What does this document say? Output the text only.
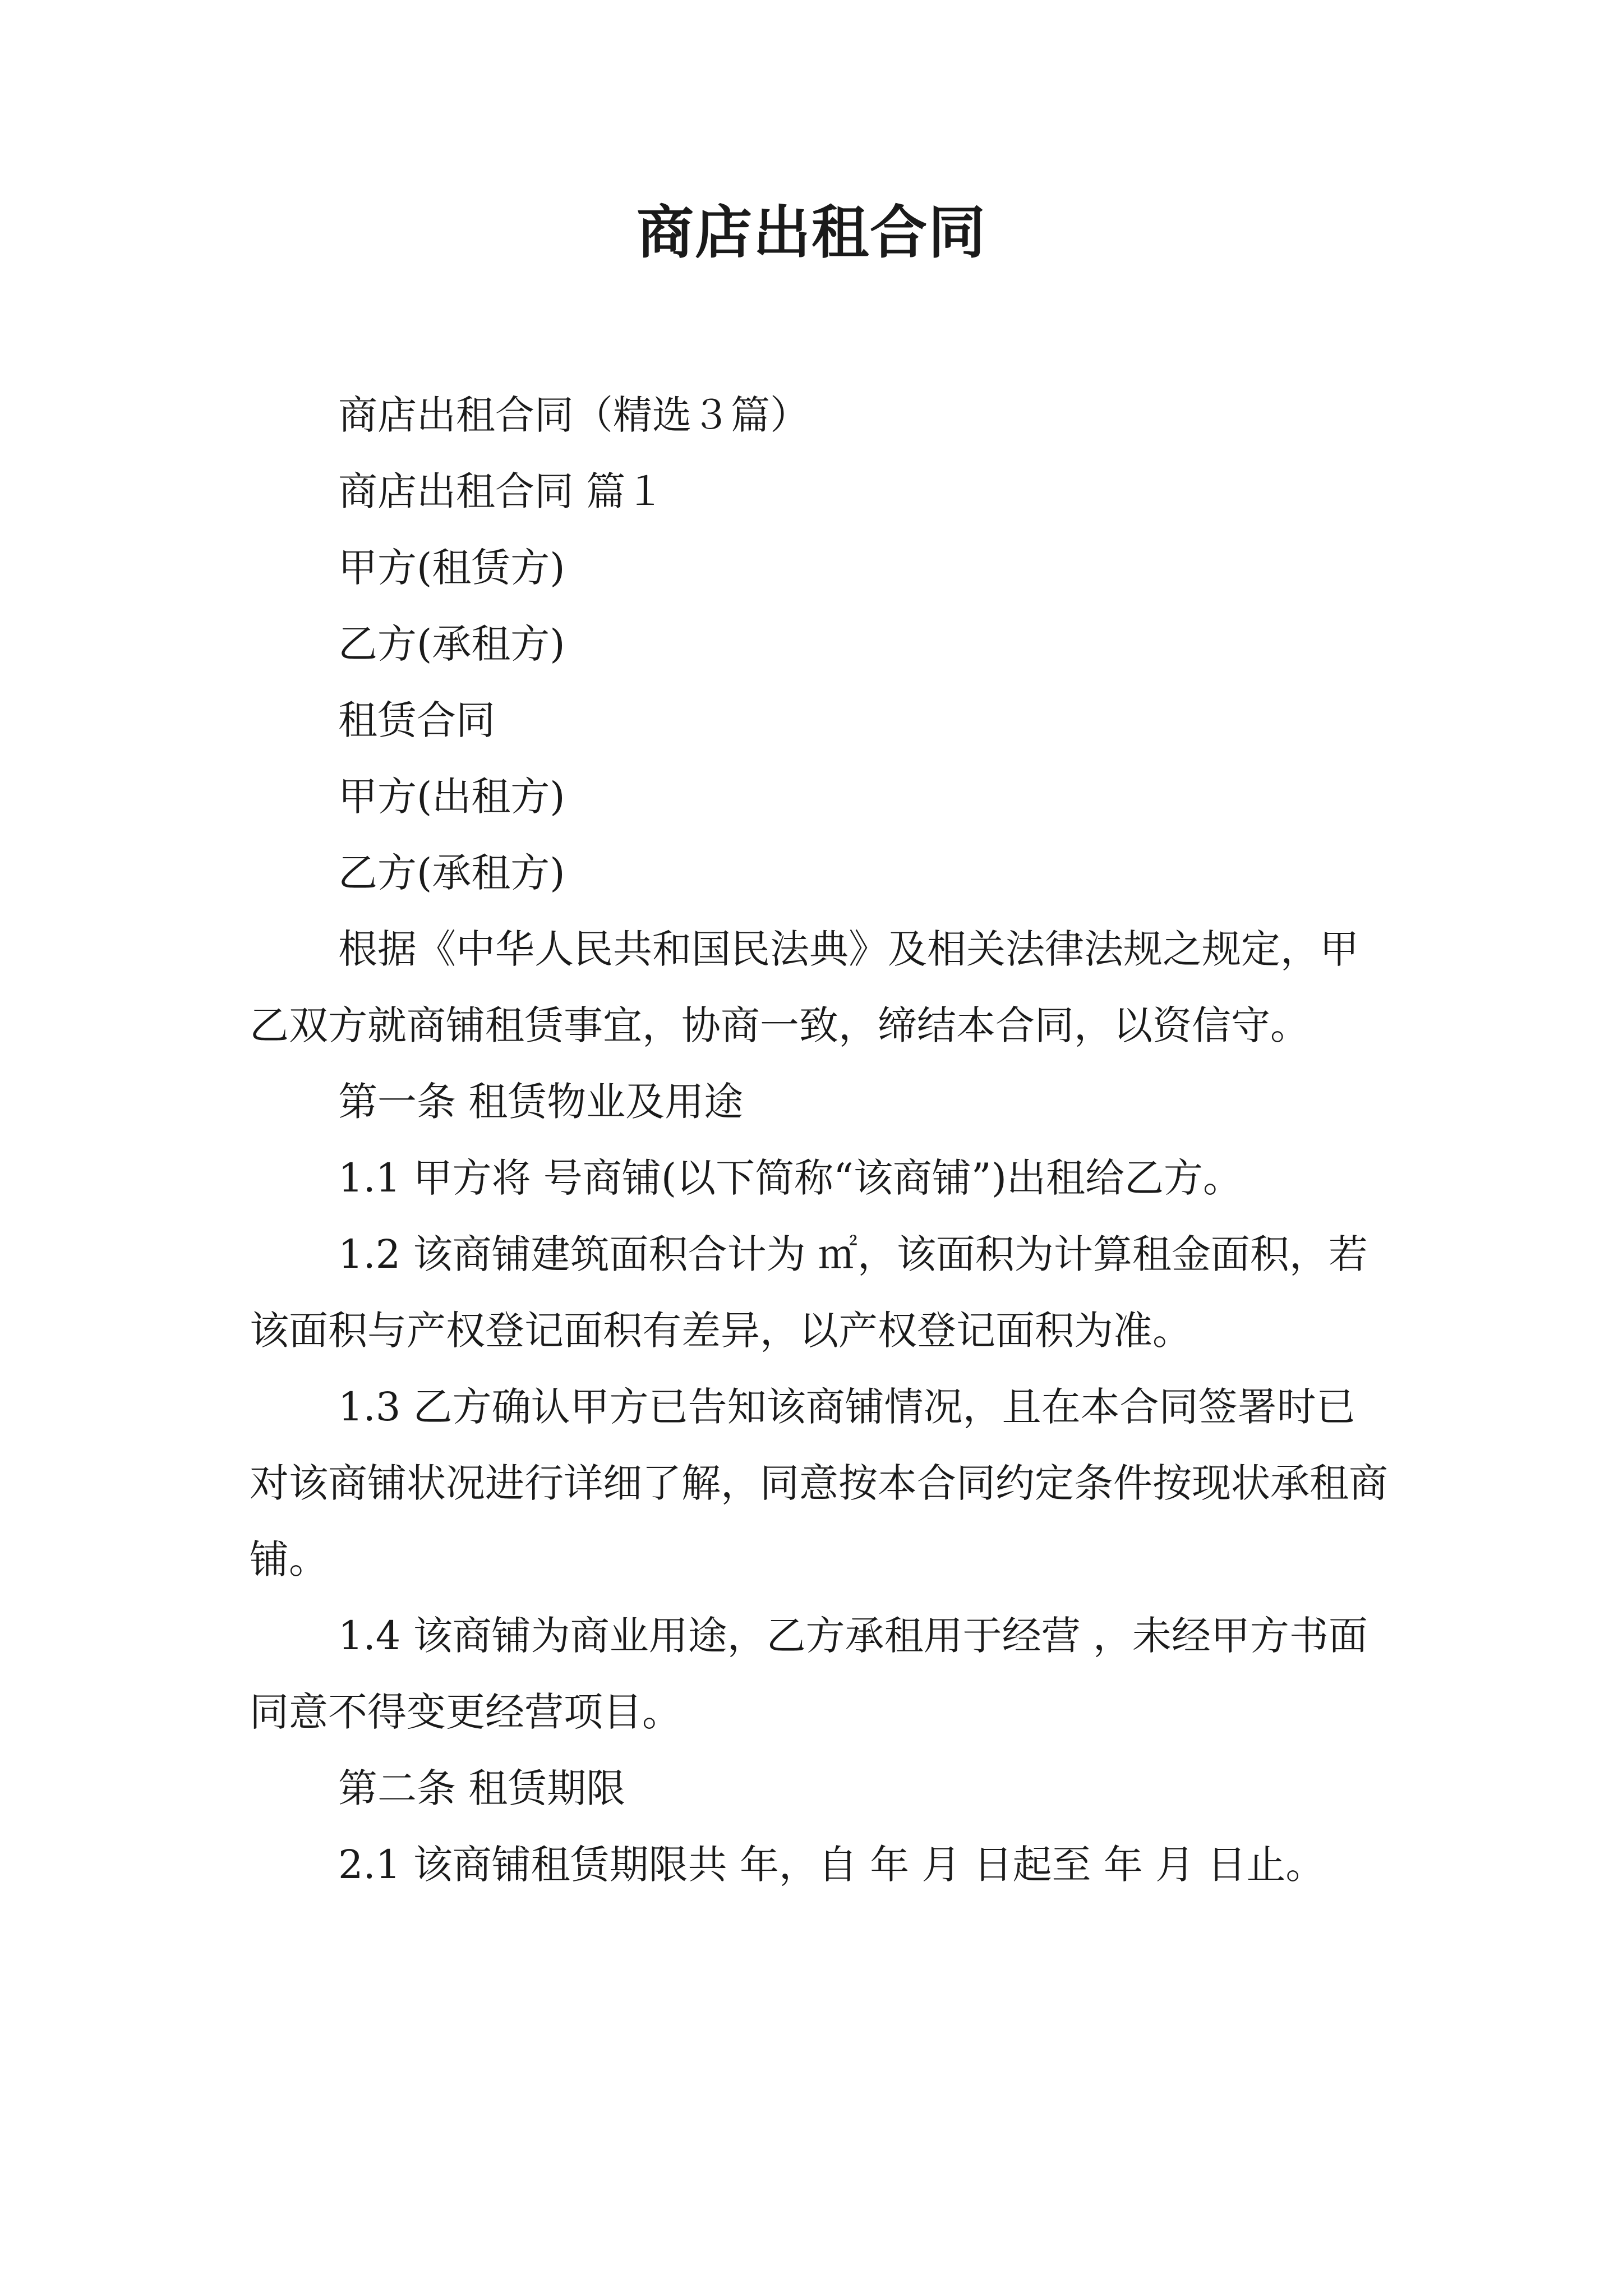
商店出租合同

商店出租合同（精选３篇）

商店出租合同 篇１

甲方(租赁方)

乙方(承租方)

租赁合同

甲方(出租方)

乙方(承租方)

根据《中华人民共和国民法典》及相关法律法规之规定，甲乙双方就商铺租赁事宜，协商一致，缔结本合同，以资信守。

第一条 租赁物业及用途

1.1 甲方将 号商铺(以下简称“该商铺”)出租给乙方。

1.2 该商铺建筑面积合计为 ㎡，该面积为计算租金面积，若该面积与产权登记面积有差异，以产权登记面积为准。

1.3 乙方确认甲方已告知该商铺情况，且在本合同签署时已对该商铺状况进行详细了解，同意按本合同约定条件按现状承租商铺。

1.4 该商铺为商业用途，乙方承租用于经营 ，未经甲方书面同意不得变更经营项目。

第二条 租赁期限

2.1 该商铺租赁期限共 年，自 年 月 日起至 年 月 日止。
